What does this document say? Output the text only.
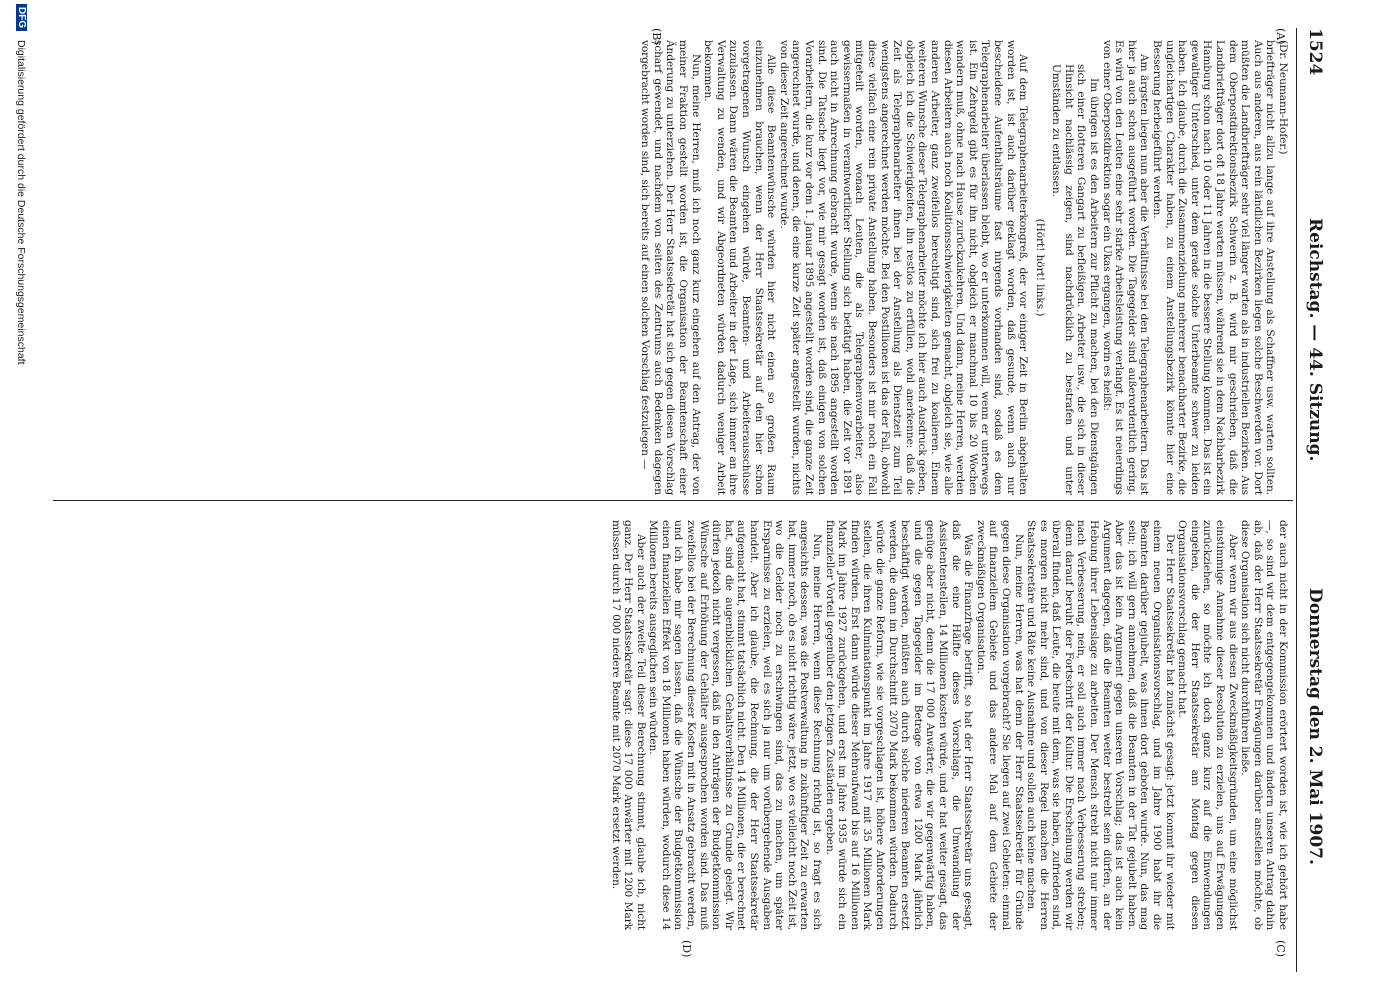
1524
Reichstag. — 44. Sitzung.
Donnerstag den 2. Mai 1907.
(A)
(B)
(C)
(D)

(Dr. Neumann-Hofer.)

briefträger nicht allzu lange auf ihre Anstellung als Schaffner usw. warten sollten. Auch aus anderen, aus rein ländlichen Bezirken liegen solche Beschwerden vor. Dort müßten die Landbriefträger sehr viel länger warten als in industriellen Bezirken. Aus dem Oberpostdirektionsbezirk Schwerin z. B. wird mir geschrieben, daß die Landbriefträger dort oft 18 Jahre warten müssen, während sie in dem Nachbarbezirk Hamburg schon nach 10 oder 11 Jahren in die bessere Stellung kommen. Das ist ein gewaltiger Unterschied, unter dem gerade solche Unterbeamte schwer zu leiden haben. Ich glaube, durch die Zusammenziehung mehrerer benachbarter Bezirke, die ungleichartigen Charakter haben, zu einem Anstellungsbezirk könnte hier eine Besserung herbeigeführt werden.

Am ärgsten liegen nun aber die Verhältnisse bei den Telegraphenarbeitern. Das ist hier ja auch schon ausgeführt worden. Die Tagegelder sind außerordentlich gering. Es wird von den Leuten eine sehr starke Arbeitsleistung verlangt. Es ist neuerdings von einer Oberpostdirektion sogar ein Ukas ergangen, worin es heißt:

Im übrigen ist es den Arbeitern zur Pflicht zu machen, bei den Dienstgängen sich einer flotteren Gangart zu befleißigen. Arbeiter usw., die sich in dieser Hinsicht nachlässig zeigen, sind nachdrücklich zu bestrafen und unter Umständen zu entlassen.

(Hört! hört! links.)

Auf dem Telegraphenarbeiterkongreß, der vor einiger Zeit in Berlin abgehalten worden ist, ist auch darüber geklagt worden, daß gesunde, wenn auch nur bescheidene Aufenthaltsräume fast nirgends vorhanden sind, sodaß es dem Telegraphenarbeiter überlassen bleibt, wo er unterkommen will, wenn er unterwegs ist. Ein Zehrgeld gibt es für ihn nicht, obgleich er manchmal 10 bis 20 Wochen wandern muß, ohne nach Hause zurückzukehren. Und dann, meine Herren, werden diesen Arbeitern auch noch Koalitionsschwierigkeiten gemacht, obgleich sie, wie alle anderen Arbeiter, ganz zweifellos berechtigt sind, sich frei zu koalieren. Einem weiteren Wunsche dieser Telegraphenarbeiter möchte ich hier auch Ausdruck geben, obgleich ich die Schwierigkeiten, ihn restlos zu erfüllen, wohl anerkenne: daß die Zeit als Telegraphenarbeiter ihnen bei der Anstellung als Dienstzeit zum Teil wenigstens angerechnet werden möchte. Bei den Postillionen ist das der Fall, obwohl diese vielfach eine rein private Anstellung haben. Besonders ist mir noch ein Fall mitgeteilt worden, wonach Leuten, die als Telegraphenvorarbeiter, also gewissermaßen in verantwortlicher Stellung sich betätigt haben, die Zeit vor 1891 auch nicht in Anrechnung gebracht wurde, wenn sie nach 1895 angestellt worden sind. Die Tatsache liegt vor, wie mir gesagt worden ist, daß einigen von solchen Vorarbeitern, die kurz vor dem 1. Januar 1895 angestellt worden sind, die ganze Zeit angerechnet wurde, und denen, die eine kurze Zeit später angestellt wurden, nichts von dieser Zeit angerechnet wurde.

Alle diese Beamtenwünsche würden hier nicht einen so großen Raum einzunehmen brauchen, wenn der Herr Staatssekretär auf den hier schon vorgetragenen Wunsch eingehen würde, Beamten- und Arbeiterausschüsse zuzulassen. Dann wären die Beamten und Arbeiter in der Lage, sich immer an ihre Verwaltung zu wenden, und wir Abgeordneten würden dadurch weniger Arbeit bekommen.

Nun, meine Herren, muß ich noch ganz kurz eingehen auf den Antrag, der von meiner Fraktion gestellt worden ist, die Organisation der Beamtenschaft einer Änderung zu unterziehen. Der Herr Staatssekretär hat sich gegen diesen Vorschlag scharf gewendet, und nachdem von seiten des Zentrums auch Bedenken dagegen vorgebracht worden sind, sich bereits auf einen solchen Vorschlag festzulegen —

der auch nicht in der Kommission erörtert worden ist, wie ich gehört habe —, so sind wir dem entgegengekommen und ändern unseren Antrag dahin ab, daß der Herr Staatssekretär Erwägungen darüber anstellen möchte, ob diese Organisation sich nicht durchführen ließe.

Aber wenn wir aus diesen Zweckmäßigkeitsgründen, um eine möglichst einstimmige Annahme dieser Resolution zu erzielen, uns auf Erwägungen zurückziehen, so möchte ich doch ganz kurz auf die Einwendungen eingehen, die der Herr Staatssekretär am Montag gegen diesen Organisationsvorschlag gemacht hat.

Der Herr Staatssekretär hat zunächst gesagt: jetzt kommt ihr wieder mit einem neuen Organisationsvorschlag, und im Jahre 1900 habt ihr die Beamten darüber gejubelt, was ihnen dort geboten wurde. Nun, das mag sein; ich will gern annehmen, daß die Beamten in der Tat gejubelt haben. Aber das ist kein Argument gegen unseren Vorschlag; das ist auch kein Argument dagegen, daß die Beamten weiter bestrebt sein dürfen, an der Hebung ihrer Lebenslage zu arbeiten. Der Mensch strebt nicht nur immer nach Verbesserung, nein, er soll auch immer nach Verbesserung streben; denn darauf beruht der Fortschritt der Kultur. Die Erscheinung werden wir überall finden, daß Leute, die heute mit dem, was sie haben, zufrieden sind, es morgen nicht mehr sind, und von dieser Regel machen die Herren Staatssekretäre und Räte keine Ausnahme und sollen auch keine machen.

Nun, meine Herren, was hat denn der Herr Staatssekretär für Gründe gegen diese Organisation vorgebracht? Sie liegen auf zwei Gebieten: einmal auf finanziellem Gebiete und das andere Mal auf dem Gebiete der zweckmäßigen Organisation.

Was die Finanzfrage betrifft, so hat der Herr Staatssekretär uns gesagt, daß die eine Hälfte dieses Vorschlags, die Umwandlung der Assistentenstellen, 14 Millionen kosten würde, und er hat weiter gesagt, das genüge aber nicht, denn die 17 000 Anwärter, die wir gegenwärtig haben, und die gegen Tagegelder im Betrage von etwa 1200 Mark jährlich beschäftigt werden, müßten auch durch solche niederen Beamten ersetzt werden, die dann im Durchschnitt 2070 Mark bekommen würden. Dadurch würde die ganze Reform, wie sie vorgeschlagen ist, höhere Anforderungen stellen, die ihren Kulminationspunkt im Jahre 1917 mit 35 Millionen Mark finden würden. Erst dann würde dieser Mehraufwand bis auf 16 Millionen Mark im Jahre 1927 zurückgehen, und erst im Jahre 1935 würde sich ein finanzieller Vorteil gegenüber den jetzigen Zuständen ergeben.

Nun, meine Herren, wenn diese Rechnung richtig ist, so fragt es sich angesichts dessen, was die Postverwaltung in zukünftiger Zeit zu erwarten hat, immer noch, ob es nicht richtig wäre, jetzt, wo es vielleicht noch Zeit ist, wo die Gelder noch zu erschwingen sind, das zu machen, um später Ersparnisse zu erzielen, weil es sich ja nur um vorübergehende Ausgaben handelt. Aber ich glaube, die Rechnung, die der Herr Staatssekretär aufgemacht hat, stimmt tatsächlich nicht. Den 14 Millionen, die er berechnet hat, sind die augenblicklichen Gehaltsverhältnisse zu Grunde gelegt. Wir dürfen jedoch nicht vergessen, daß in den Anträgen der Budgetkommission Wünsche auf Erhöhung der Gehälter ausgesprochen worden sind. Das muß zweifellos bei der Berechnung dieser Kosten mit in Ansatz gebracht werden, und ich habe mir sagen lassen, daß die Wünsche der Budgetkommission einen finanziellen Effekt von 18 Millionen haben würden, wodurch diese 14 Millionen bereits ausgeglichen sein würden.

Aber auch der zweite Teil dieser Berechnung stimmt, glaube ich, nicht ganz. Der Herr Staatssekretär sagt: diese 17 000 Anwärter mit 1200 Mark müssen durch 17 000 niedere Beamte mit 2070 Mark ersetzt werden.

DFG
Digitalisierung gefördert durch die Deutsche Forschungsgemeinschaft
